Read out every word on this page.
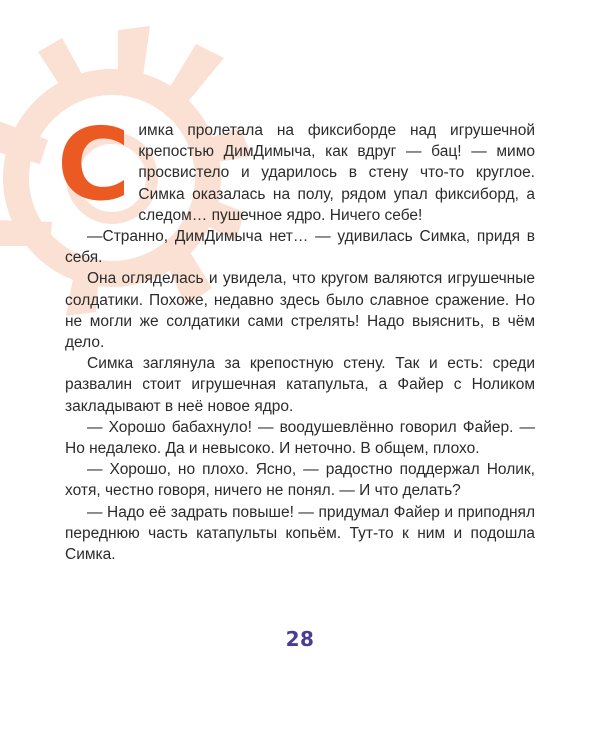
Симка пролетала на фиксиборде над игрушечной крепостью ДимДимыча, как вдруг — бац! — мимо просвистело и ударилось в стену что-то круглое. Симка оказалась на полу, рядом упал фиксиборд, а следом… пушечное ядро. Ничего себе!

—Странно, ДимДимыча нет… — удивилась Симка, придя в себя.

Она огляделась и увидела, что кругом валяются игрушечные солдатики. Похоже, недавно здесь было славное сражение. Но не могли же солдатики сами стрелять! Надо выяснить, в чём дело.

Симка заглянула за крепостную стену. Так и есть: среди развалин стоит игрушечная катапульта, а Файер с Ноликом закладывают в неё новое ядро.

— Хорошо бабахнуло! — воодушевлённо говорил Файер. — Но недалеко. Да и невысоко. И неточно. В общем, плохо.

— Хорошо, но плохо. Ясно, — радостно поддержал Нолик, хотя, честно говоря, ничего не понял. — И что делать?

— Надо её задрать повыше! — придумал Файер и приподнял переднюю часть катапульты копьём. Тут-то к ним и подошла Симка.

28
